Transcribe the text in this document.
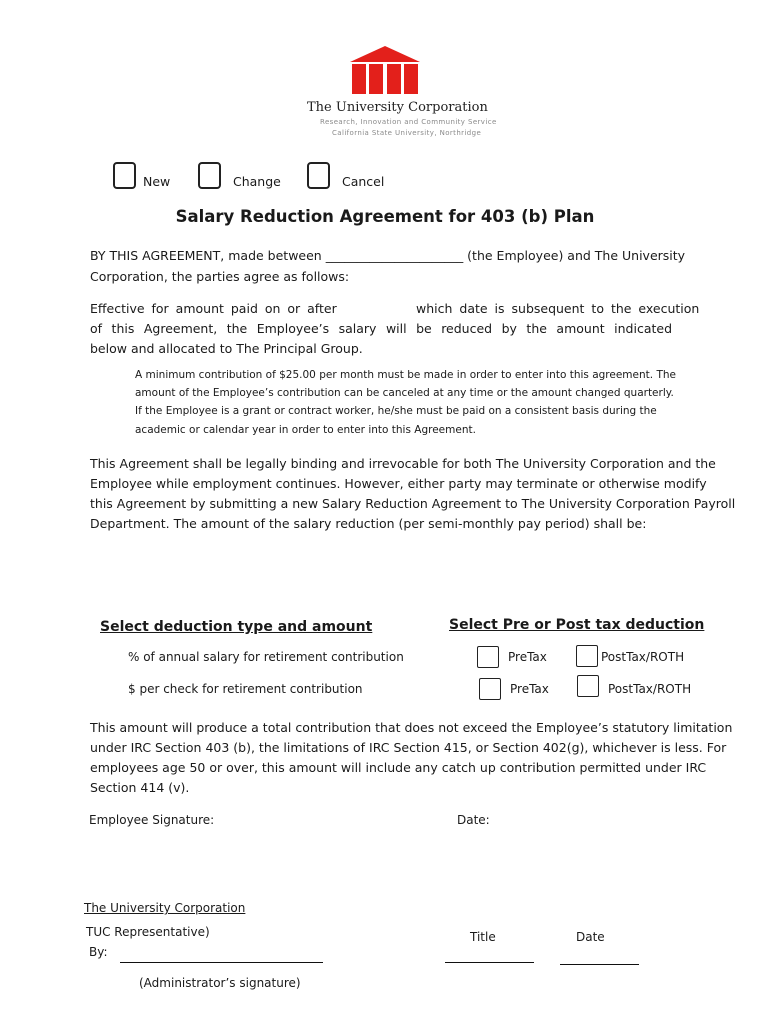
The University Corporation
Research, Innovation and Community Service
California State University, Northridge
New	Change	Cancel
Salary Reduction Agreement for 403 (b) Plan
BY THIS AGREEMENT, made between ______________________ (the Employee) and The University
Corporation, the parties agree as follows:
Effective for amount paid on or after	which date is subsequent to the execution
of this Agreement, the Employee’s salary will be reduced by the amount indicated
below and allocated to The Principal Group.
A minimum contribution of $25.00 per month must be made in order to enter into this agreement. The
amount of the Employee’s contribution can be canceled at any time or the amount changed quarterly.
If the Employee is a grant or contract worker, he/she must be paid on a consistent basis during the
academic or calendar year in order to enter into this Agreement.
This Agreement shall be legally binding and irrevocable for both The University Corporation and the
Employee while employment continues. However, either party may terminate or otherwise modify
this Agreement by submitting a new Salary Reduction Agreement to The University Corporation Payroll
Department. The amount of the salary reduction (per semi-monthly pay period) shall be:
Select deduction type and amount	Select Pre or Post tax deduction
% of annual salary for retirement contribution	PreTax	PostTax/ROTH
$ per check for retirement contribution	PreTax	PostTax/ROTH
This amount will produce a total contribution that does not exceed the Employee’s statutory limitation
under IRC Section 403 (b), the limitations of IRC Section 415, or Section 402(g), whichever is less. For
employees age 50 or over, this amount will include any catch up contribution permitted under IRC
Section 414 (v).
Employee Signature:	Date:
The University Corporation
TUC Representative)
By:
Title	Date
(Administrator’s signature)
